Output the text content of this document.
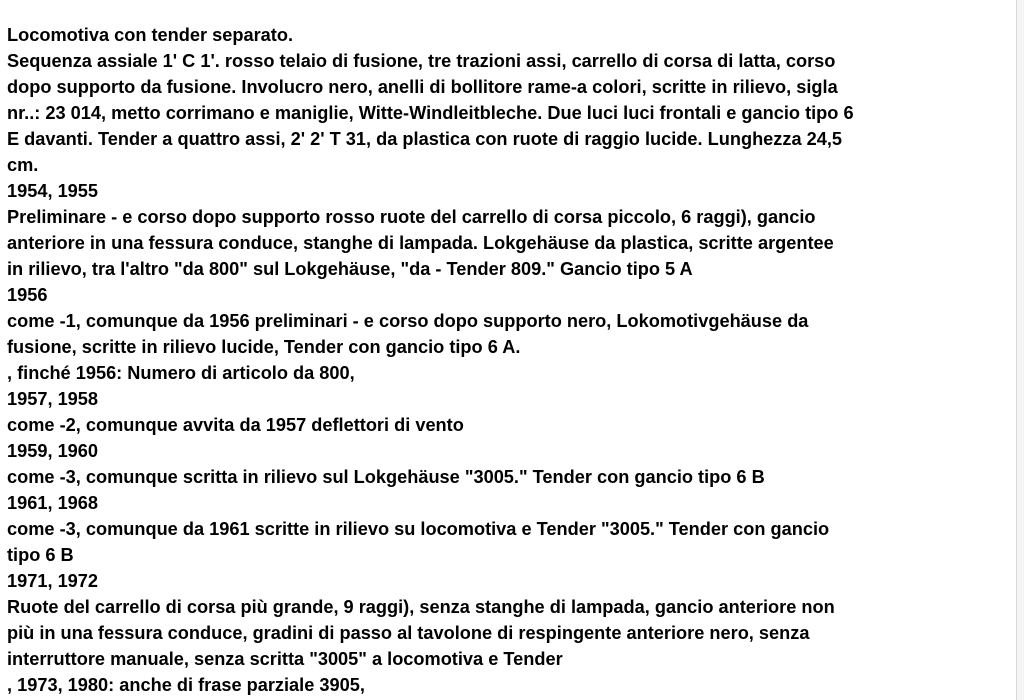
Locomotiva con tender separato.
Sequenza assiale 1' C 1'. rosso telaio di fusione, tre trazioni assi, carrello di corsa di latta, corso
dopo supporto da fusione. Involucro nero, anelli di bollitore rame-a colori, scritte in rilievo, sigla
nr..: 23 014, metto corrimano e maniglie, Witte-Windleitbleche. Due luci luci frontali e gancio tipo 6
E davanti. Tender a quattro assi, 2' 2' T 31, da plastica con ruote di raggio lucide. Lunghezza 24,5
cm.
1954, 1955
Preliminare - e corso dopo supporto rosso ruote del carrello di corsa piccolo, 6 raggi), gancio
anteriore in una fessura conduce, stanghe di lampada. Lokgehäuse da plastica, scritte argentee
in rilievo, tra l'altro "da 800" sul Lokgehäuse, "da - Tender 809." Gancio tipo 5 A
1956
come -1, comunque da 1956 preliminari - e corso dopo supporto nero, Lokomotivgehäuse da
fusione, scritte in rilievo lucide, Tender con gancio tipo 6 A.
, finché 1956: Numero di articolo da 800,
1957, 1958
come -2, comunque avvita da 1957 deflettori di vento
1959, 1960
come -3, comunque scritta in rilievo sul Lokgehäuse "3005." Tender con gancio tipo 6 B
1961, 1968
come -3, comunque da 1961 scritte in rilievo su locomotiva e Tender "3005." Tender con gancio
tipo 6 B
1971, 1972
Ruote del carrello di corsa più grande, 9 raggi), senza stanghe di lampada, gancio anteriore non
più in una fessura conduce, gradini di passo al tavolone di respingente anteriore nero, senza
interruttore manuale, senza scritta "3005" a locomotiva e Tender
, 1973, 1980: anche di frase parziale 3905,
